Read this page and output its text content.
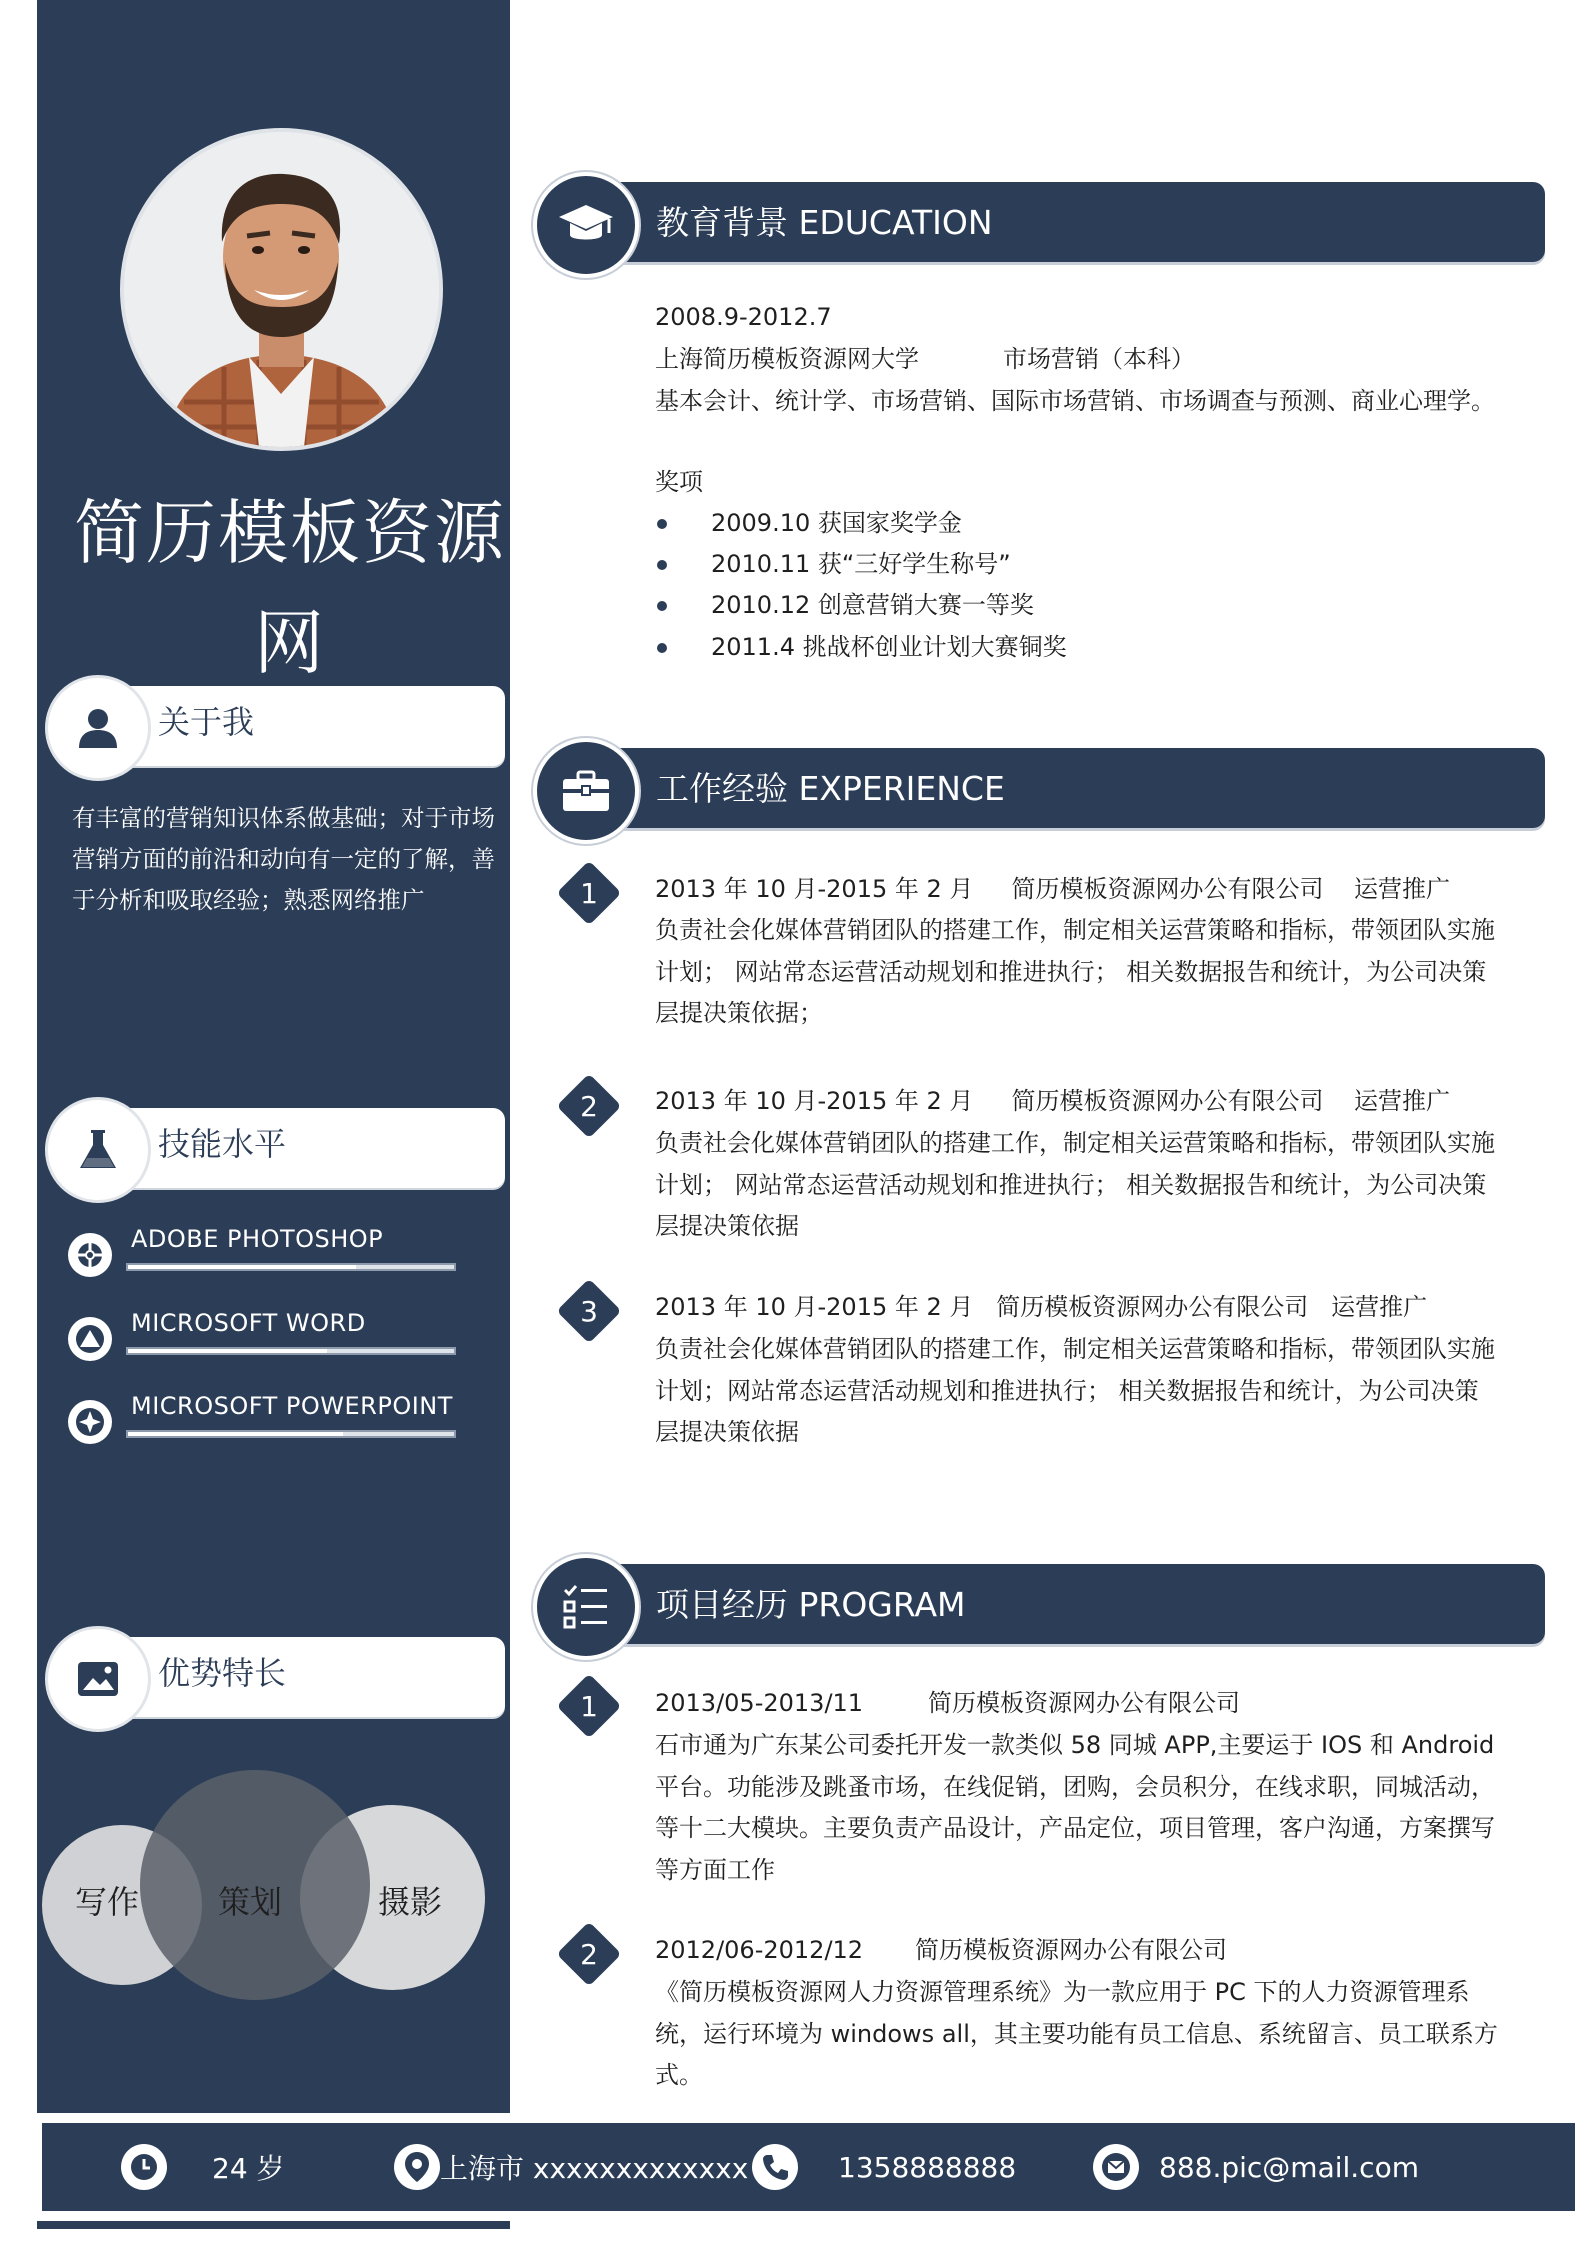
简历模板资源网
关于我
有丰富的营销知识体系做基础；对于市场营销方面的前沿和动向有一定的了解，善于分析和吸取经验；熟悉网络推广
技能水平
ADOBE PHOTOSHOP
MICROSOFT WORD
MICROSOFT POWERPOINT
优势特长
写作 策划	摄影
24 岁	上海市 xxxxxxxxxxxxx	1358888888	888.pic@mail.com
教育背景 EDUCATION
2008.9-2012.7
上海简历模板资源网大学	市场营销（本科）
基本会计、统计学、市场营销、国际市场营销、市场调查与预测、商业心理学。
奖项
2009.10 获国家奖学金
2010.11 获“三好学生称号”
2010.12 创意营销大赛一等奖
2011.4 挑战杯创业计划大赛铜奖
工作经验 EXPERIENCE
1	2013 年 10 月-2015 年 2 月     简历模板资源网办公有限公司    运营推广
负责社会化媒体营销团队的搭建工作，制定相关运营策略和指标，带领团队实施计划； 网站常态运营活动规划和推进执行； 相关数据报告和统计，为公司决策层提决策依据；
2	2013 年 10 月-2015 年 2 月     简历模板资源网办公有限公司    运营推广
负责社会化媒体营销团队的搭建工作，制定相关运营策略和指标，带领团队实施计划； 网站常态运营活动规划和推进执行； 相关数据报告和统计，为公司决策层提决策依据
3	2013 年 10 月-2015 年 2 月   简历模板资源网办公有限公司   运营推广
负责社会化媒体营销团队的搭建工作，制定相关运营策略和指标，带领团队实施计划；网站常态运营活动规划和推进执行； 相关数据报告和统计，为公司决策层提决策依据
项目经历 PROGRAM
1	2013/05-2013/11	简历模板资源网办公有限公司
石市通为广东某公司委托开发一款类似 58 同城 APP,主要运于 IOS 和 Android 平台。功能涉及跳蚤市场，在线促销，团购，会员积分，在线求职，同城活动，等十二大模块。主要负责产品设计，产品定位，项目管理，客户沟通，方案撰写等方面工作
2	2012/06-2012/12 简历模板资源网办公有限公司
《简历模板资源网人力资源管理系统》为一款应用于 PC 下的人力资源管理系统，运行环境为 windows all，其主要功能有员工信息、系统留言、员工联系方式。
